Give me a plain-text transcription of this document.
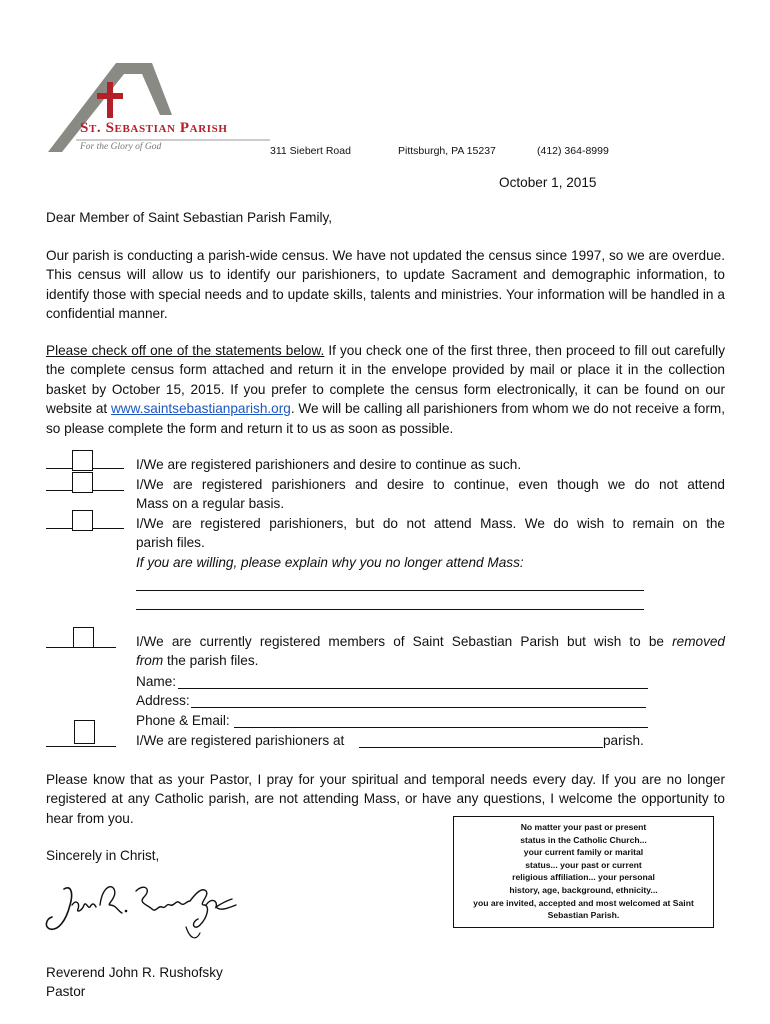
St. Sebastian Parish
For the Glory of God	311 Siebert Road	Pittsburgh, PA 15237	(412) 364-8999
October 1, 2015
Dear Member of Saint Sebastian Parish Family,
Our parish is conducting a parish-wide census. We have not updated the census since 1997, so we are overdue. This census will allow us to identify our parishioners, to update Sacrament and demographic information, to identify those with special needs and to update skills, talents and ministries. Your information will be handled in a confidential manner.
Please check off one of the statements below. If you check one of the first three, then proceed to fill out carefully the complete census form attached and return it in the envelope provided by mail or place it in the collection basket by October 15, 2015. If you prefer to complete the census form electronically, it can be found on our website at www.saintsebastianparish.org. We will be calling all parishioners from whom we do not receive a form, so please complete the form and return it to us as soon as possible.
I/We are registered parishioners and desire to continue as such.
I/We are registered parishioners and desire to continue, even though we do not attend
Mass on a regular basis.
I/We are registered parishioners, but do not attend Mass. We do wish to remain on the
parish files.
If you are willing, please explain why you no longer attend Mass:
I/We are currently registered members of Saint Sebastian Parish but wish to be removed
from the parish files.
Name:
Address:
Phone & Email:
I/We are registered parishioners at	parish.
Please know that as your Pastor, I pray for your spiritual and temporal needs every day. If you are no longer registered at any Catholic parish, are not attending Mass, or have any questions, I welcome the opportunity to hear from you.
Sincerely in Christ,
Reverend John R. Rushofsky
Pastor
No matter your past or present
status in the Catholic Church...
your current family or marital
status... your past or current
religious affiliation... your personal
history, age, background, ethnicity...
you are invited, accepted and most welcomed at Saint
Sebastian Parish.
